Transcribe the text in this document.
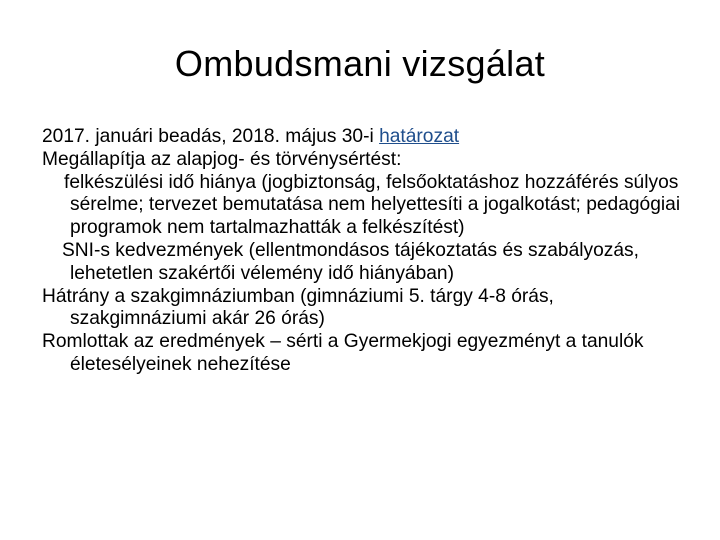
Ombudsmani vizsgálat

2017. januári beadás, 2018. május 30-i határozat

Megállapítja az alapjog- és törvénysértést:

felkészülési idő hiánya (jogbiztonság, felsőoktatáshoz hozzáférés súlyos sérelme; tervezet bemutatása nem helyettesíti a jogalkotást; pedagógiai programok nem tartalmazhatták a felkészítést)

SNI-s kedvezmények (ellentmondásos tájékoztatás és szabályozás, lehetetlen szakértői vélemény idő hiányában)

Hátrány a szakgimnáziumban (gimnáziumi 5. tárgy 4-8 órás, szakgimnáziumi akár 26 órás)

Romlottak az eredmények – sérti a Gyermekjogi egyezményt a tanulók életesélyeinek nehezítése
